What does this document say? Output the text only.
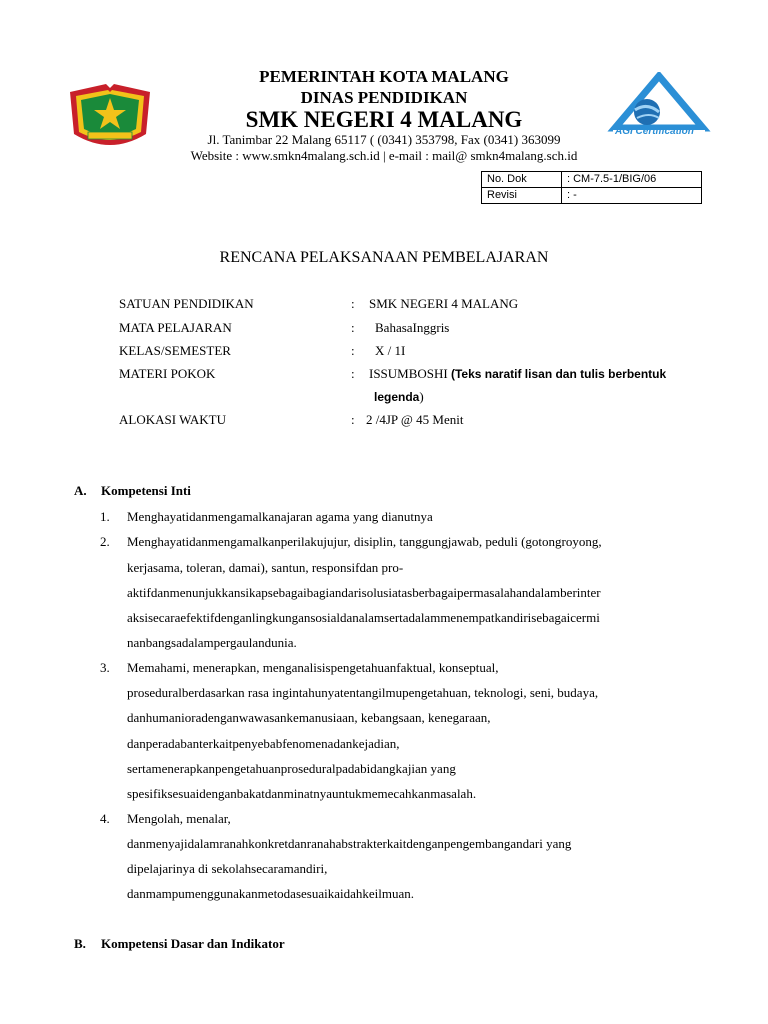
AGI Certification
PEMERINTAH KOTA MALANG
DINAS PENDIDIKAN
SMK NEGERI 4 MALANG
Jl. Tanimbar 22 Malang 65117 ( (0341) 353798, Fax (0341) 363099
Website : www.smkn4malang.sch.id | e-mail : mail@ smkn4malang.sch.id
No. Dok	: CM-7.5-1/BIG/06
Revisi	: -
RENCANA PELAKSANAAN PEMBELAJARAN
SATUAN PENDIDIKAN	: SMK NEGERI 4 MALANG
MATA PELAJARAN	: BahasaInggris
KELAS/SEMESTER	: X / 1I
MATERI POKOK	: ISSUMBOSHI (Teks naratif lisan dan tulis berbentuk
legenda)
ALOKASI WAKTU	: 2 /4JP @ 45 Menit
A. Kompetensi Inti
1. Menghayatidanmengamalkanajaran agama yang dianutnya
2. Menghayatidanmengamalkanperilakujujur, disiplin, tanggungjawab, peduli (gotongroyong,
kerjasama, toleran, damai), santun, responsifdan pro-
aktifdanmenunjukkansikapsebagaibagiandarisolusiatasberbagaipermasalahandalamberinter
aksisecaraefektifdenganlingkungansosialdanalamsertadalammenempatkandirisebagaicermi
nanbangsadalampergaulandunia.
3. Memahami, menerapkan, menganalisispengetahuanfaktual, konseptual,
proseduralberdasarkan rasa ingintahunyatentangilmupengetahuan, teknologi, seni, budaya,
danhumanioradenganwawasankemanusiaan, kebangsaan, kenegaraan,
danperadabanterkaitpenyebabfenomenadankejadian,
sertamenerapkanpengetahuanproseduralpadabidangkajian yang
spesifiksesuaidenganbakatdanminatnyauntukmemecahkanmasalah.
4. Mengolah, menalar,
danmenyajidalamranahkonkretdanranahabstrakterkaitdenganpengembangandari yang
dipelajarinya di sekolahsecaramandiri,
danmampumenggunakanmetodasesuaikaidahkeilmuan.
B. Kompetensi Dasar dan Indikator
